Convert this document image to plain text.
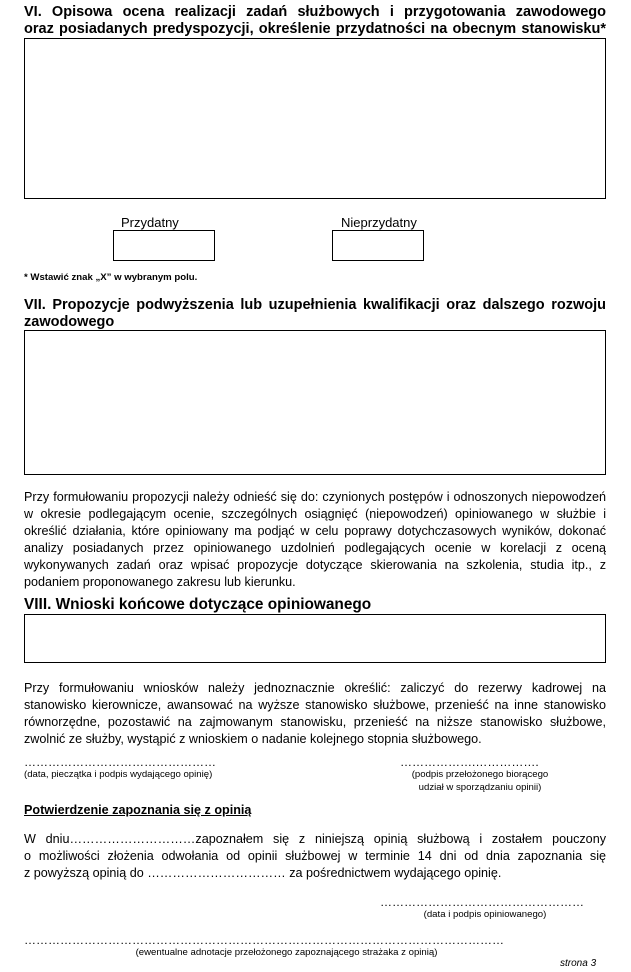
VI. Opisowa ocena realizacji zadań służbowych i przygotowania zawodowego
oraz posiadanych predyspozycji, określenie przydatności na obecnym stanowisku*
Przydatny	Nieprzydatny
* Wstawić znak „X” w wybranym polu.
VII. Propozycje podwyższenia lub uzupełnienia kwalifikacji oraz dalszego rozwoju
zawodowego
Przy formułowaniu propozycji należy odnieść się do: czynionych postępów i odnoszonych niepowodzeń w okresie podlegającym ocenie, szczególnych osiągnięć (niepowodzeń) opiniowanego w służbie i określić działania, które opiniowany ma podjąć w celu poprawy dotychczasowych wyników, dokonać analizy posiadanych przez opiniowanego uzdolnień podlegających ocenie w korelacji z oceną wykonywanych zadań oraz wpisać propozycje dotyczące skierowania na szkolenia, studia itp., z podaniem proponowanego zakresu lub kierunku.
VIII. Wnioski końcowe dotyczące opiniowanego
Przy formułowaniu wniosków należy jednoznacznie określić: zaliczyć do rezerwy kadrowej na stanowisko kierownicze, awansować na wyższe stanowisko służbowe, przenieść na inne stanowisko równorzędne, pozostawić na zajmowanym stanowisku, przenieść na niższe stanowisko służbowe, zwolnić ze służby, wystąpić z wnioskiem o nadanie kolejnego stopnia służbowego.
…………………………………………
(data, pieczątka i podpis wydającego opinię)
……………….…………….
(podpis przełożonego biorącego
udział w sporządzaniu opinii)
Potwierdzenie zapoznania się z opinią
W dniu…………………………zapoznałem się z niniejszą opinią służbową i zostałem pouczony
o możliwości złożenia odwołania od opinii służbowej w terminie 14 dni od dnia zapoznania się
z powyższą opinią do …………………………… za pośrednictwem wydającego opinię.
……………………………………………
(data i podpis opiniowanego)
…………………………………………………………………………………………………………
(ewentualne adnotacje przełożonego zapoznającego strażaka z opinią)
strona 3
